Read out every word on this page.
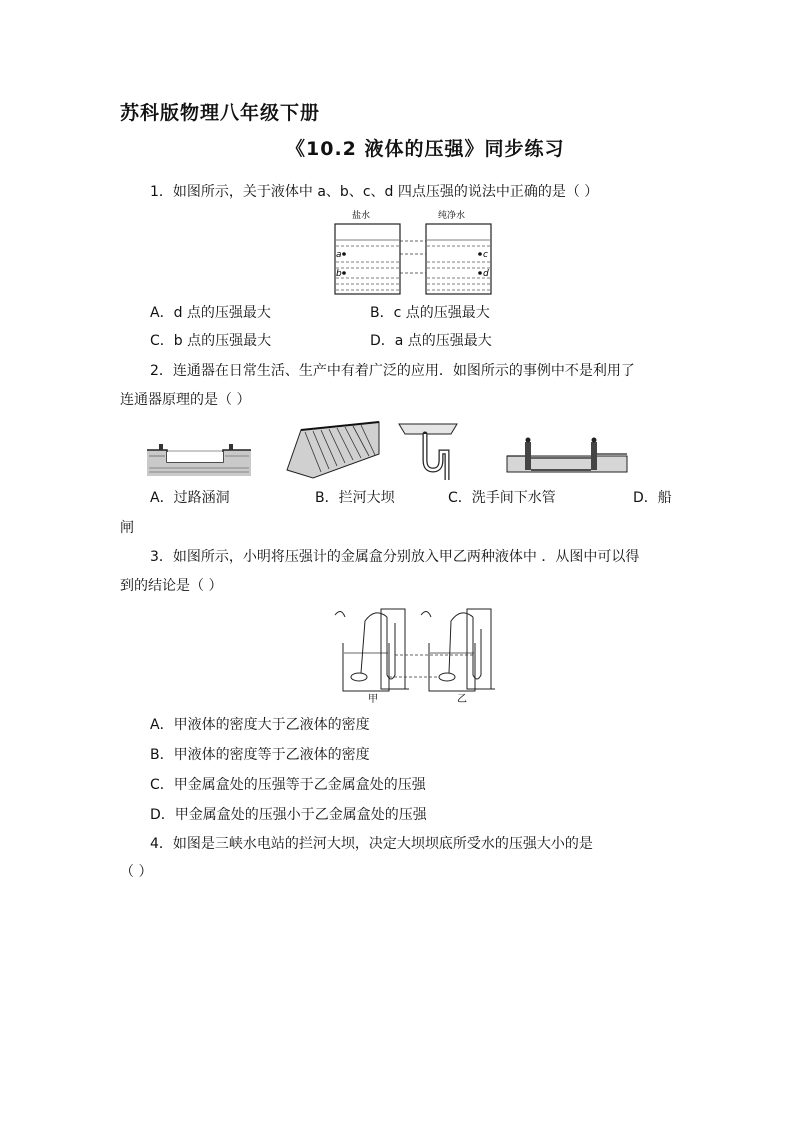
苏科版物理八年级下册
《10.2 液体的压强》同步练习
1．如图所示，关于液体中 a、b、c、d 四点压强的说法中正确的是（ ）
盐水	纯净水
a
b
c
d
A．d 点的压强最大	B．c 点的压强最大
C．b 点的压强最大	D．a 点的压强最大
2．连通器在日常生活、生产中有着广泛的应用．如图所示的事例中不是利用了
连通器原理的是（ ）
A．过路涵洞	B．拦河大坝	C．洗手间下水管	D．船
闸
3．如图所示，小明将压强计的金属盒分别放入甲乙两种液体中 ．从图中可以得
到的结论是（ ）
甲	乙
A．甲液体的密度大于乙液体的密度
B．甲液体的密度等于乙液体的密度
C．甲金属盒处的压强等于乙金属盒处的压强
D．甲金属盒处的压强小于乙金属盒处的压强
4．如图是三峡水电站的拦河大坝，决定大坝坝底所受水的压强大小的是
（ ）
